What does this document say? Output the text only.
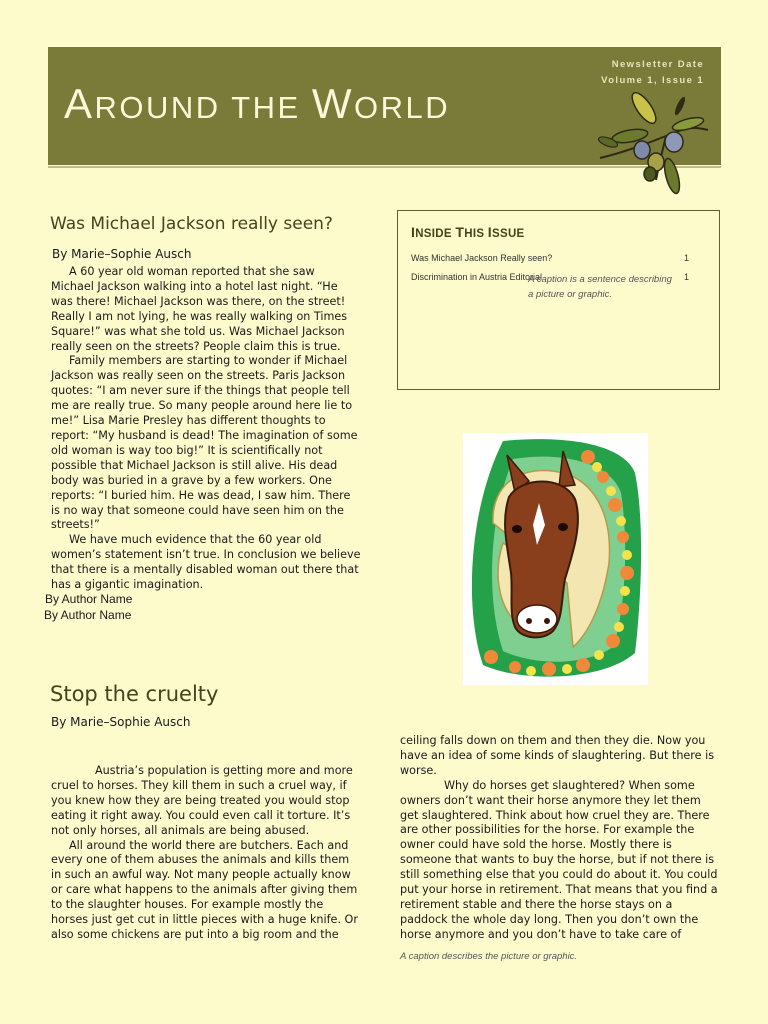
AROUND THE WORLD
Newsletter Date
Volume 1, Issue 1
Was Michael Jackson really seen?
By Marie–Sophie Ausch

A 60 year old woman reported that she saw Michael Jackson walking into a hotel last night. “He was there! Michael Jackson was there, on the street! Really I am not lying, he was really walking on Times Square!” was what she told us. Was Michael Jackson really seen on the streets? People claim this is true.

Family members are starting to wonder if Michael Jackson was really seen on the streets. Paris Jackson quotes: “I am never sure if the things that people tell me are really true. So many people around here lie to me!” Lisa Marie Presley has different thoughts to report: “My husband is dead! The imagination of some old woman is way too big!” It is scientifically not possible that Michael Jackson is still alive. His dead body was buried in a grave by a few workers. One reports: “I buried him. He was dead, I saw him. There is no way that someone could have seen him on the streets!”

We have much evidence that the 60 year old women’s statement isn’t true. In conclusion we believe that there is a mentally disabled woman out there that has a gigantic imagination.

By Author Name
By Author Name
INSIDE THIS ISSUE
Was Michael Jackson Really seen?	1
Discrimination in Austria Editorial	1
A caption is a sentence describing
a picture or graphic.
Stop the cruelty
By Marie–Sophie Ausch

Austria’s population is getting more and more cruel to horses. They kill them in such a cruel way, if you knew how they are being treated you would stop eating it right away. You could even call it torture. It’s not only horses, all animals are being abused.

All around the world there are butchers. Each and every one of them abuses the animals and kills them in such an awful way. Not many people actually know or care what happens to the animals after giving them to the slaughter houses. For example mostly the horses just get cut in little pieces with a huge knife. Or also some chickens are put into a big room and the

ceiling falls down on them and then they die. Now you have an idea of some kinds of slaughtering. But there is worse.

Why do horses get slaughtered? When some owners don’t want their horse anymore they let them get slaughtered. Think about how cruel they are. There are other possibilities for the horse. For example the owner could have sold the horse. Mostly there is someone that wants to buy the horse, but if not there is still something else that you could do about it. You could put your horse in retirement. That means that you find a retirement stable and there the horse stays on a paddock the whole day long. Then you don’t own the horse anymore and you don’t have to take care of

A caption describes the picture or graphic.
